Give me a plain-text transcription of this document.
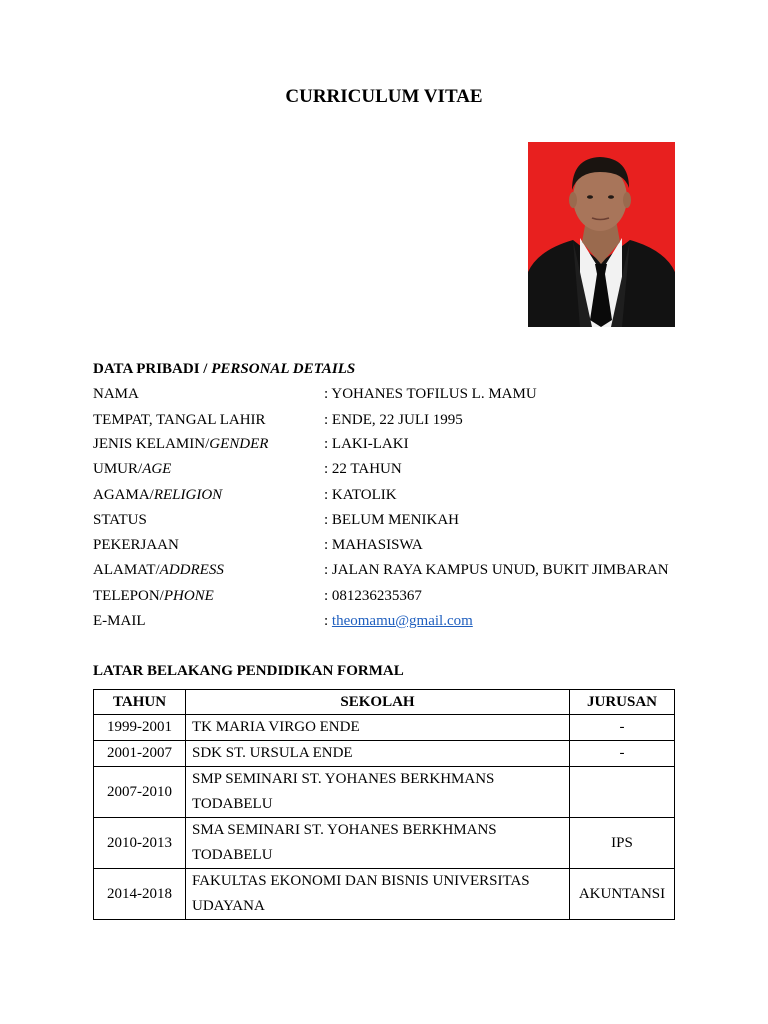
CURRICULUM VITAE
DATA PRIBADI / PERSONAL DETAILS
NAMA	: YOHANES TOFILUS L. MAMU
TEMPAT, TANGAL LAHIR	: ENDE, 22 JULI 1995
JENIS KELAMIN/GENDER	: LAKI-LAKI
UMUR/AGE	: 22 TAHUN
AGAMA/RELIGION	: KATOLIK
STATUS	: BELUM MENIKAH
PEKERJAAN	: MAHASISWA
ALAMAT/ADDRESS	: JALAN RAYA KAMPUS UNUD, BUKIT JIMBARAN
TELEPON/PHONE	: 081236235367
E-MAIL	: theomamu@gmail.com
LATAR BELAKANG PENDIDIKAN FORMAL
TAHUN	SEKOLAH	JURUSAN
1999-2001	TK MARIA VIRGO ENDE	-
2001-2007	SDK ST. URSULA ENDE	-
2007-2010	SMP SEMINARI ST. YOHANES BERKHMANS
TODABELU	

2010-2013	SMA SEMINARI ST. YOHANES BERKHMANS
TODABELU	IPS
2014-2018	FAKULTAS EKONOMI DAN BISNIS UNIVERSITAS
UDAYANA	AKUNTANSI
